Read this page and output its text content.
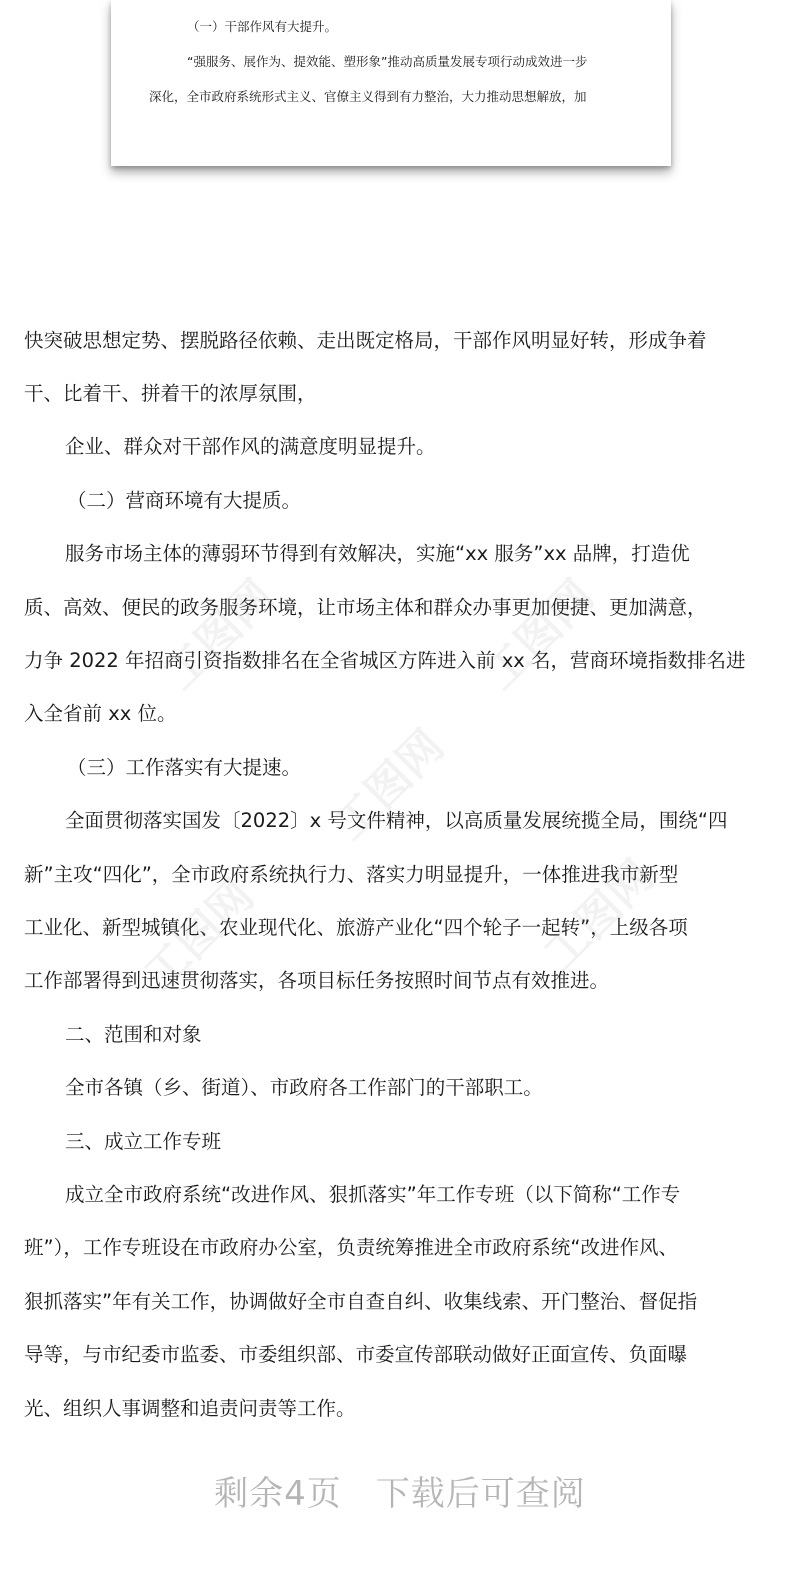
（一）干部作风有大提升。
“强服务、展作为、提效能、塑形象”推动高质量发展专项行动成效进一步
深化，全市政府系统形式主义、官僚主义得到有力整治，大力推动思想解放，加
快突破思想定势、摆脱路径依赖、走出既定格局，干部作风明显好转，形成争着
干、比着干、拼着干的浓厚氛围，
企业、群众对干部作风的满意度明显提升。
（二）营商环境有大提质。
服务市场主体的薄弱环节得到有效解决，实施“xx 服务”xx 品牌，打造优
质、高效、便民的政务服务环境，让市场主体和群众办事更加便捷、更加满意，
力争 2022 年招商引资指数排名在全省城区方阵进入前 xx 名，营商环境指数排名进
入全省前 xx 位。
（三）工作落实有大提速。
全面贯彻落实国发〔2022〕x 号文件精神，以高质量发展统揽全局，围绕“四
新”主攻“四化”，全市政府系统执行力、落实力明显提升，一体推进我市新型
工业化、新型城镇化、农业现代化、旅游产业化“四个轮子一起转”，上级各项
工作部署得到迅速贯彻落实，各项目标任务按照时间节点有效推进。
二、范围和对象
全市各镇（乡、街道）、市政府各工作部门的干部职工。
三、成立工作专班
成立全市政府系统“改进作风、狠抓落实”年工作专班（以下简称“工作专
班”），工作专班设在市政府办公室，负责统筹推进全市政府系统“改进作风、
狠抓落实”年有关工作，协调做好全市自查自纠、收集线索、开门整治、督促指
导等，与市纪委市监委、市委组织部、市委宣传部联动做好正面宣传、负面曝
光、组织人事调整和追责问责等工作。
工图网	工图网
工图网
工图网	工图网
剩余4页 下载后可查阅
